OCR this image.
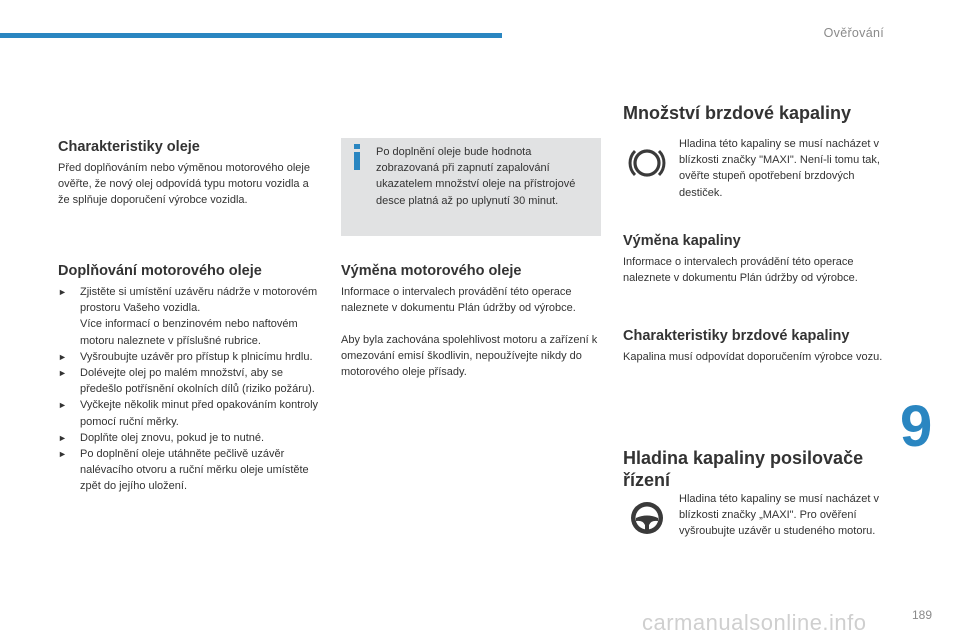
Ověřování
9
189
Charakteristiky oleje

Před doplňováním nebo výměnou motorového oleje ověřte, že nový olej odpovídá typu motoru vozidla a že splňuje doporučení výrobce vozidla.

Doplňování motorového oleje
► Zjistěte si umístění uzávěru nádrže v motorovém prostoru Vašeho vozidla.
Více informací o benzinovém nebo naftovém motoru naleznete v příslušné rubrice.
► Vyšroubujte uzávěr pro přístup k plnicímu hrdlu.
► Dolévejte olej po malém množství, aby se předešlo potřísnění okolních dílů (riziko požáru).
► Vyčkejte několik minut před opakováním kontroly pomocí ruční měrky.
► Doplňte olej znovu, pokud je to nutné.
► Po doplnění oleje utáhněte pečlivě uzávěr nalévacího otvoru a ruční měrku oleje umístěte zpět do jejího uložení.

Po doplnění oleje bude hodnota zobrazovaná při zapnutí zapalování ukazatelem množství oleje na přístrojové desce platná až po uplynutí 30 minut.

Výměna motorového oleje

Informace o intervalech provádění této operace naleznete v dokumentu Plán údržby od výrobce.

Aby byla zachována spolehlivost motoru a zařízení k omezování emisí škodlivin, nepoužívejte nikdy do motorového oleje přísady.

Množství brzdové kapaliny

Hladina této kapaliny se musí nacházet v blízkosti značky "MAXI". Není-li tomu tak, ověřte stupeň opotřebení brzdových destiček.

Výměna kapaliny

Informace o intervalech provádění této operace naleznete v dokumentu Plán údržby od výrobce.

Charakteristiky brzdové kapaliny

Kapalina musí odpovídat doporučením výrobce vozu.

Hladina kapaliny posilovače řízení

Hladina této kapaliny se musí nacházet v blízkosti značky „MAXI". Pro ověření vyšroubujte uzávěr u studeného motoru.

carmanualsonline.info
